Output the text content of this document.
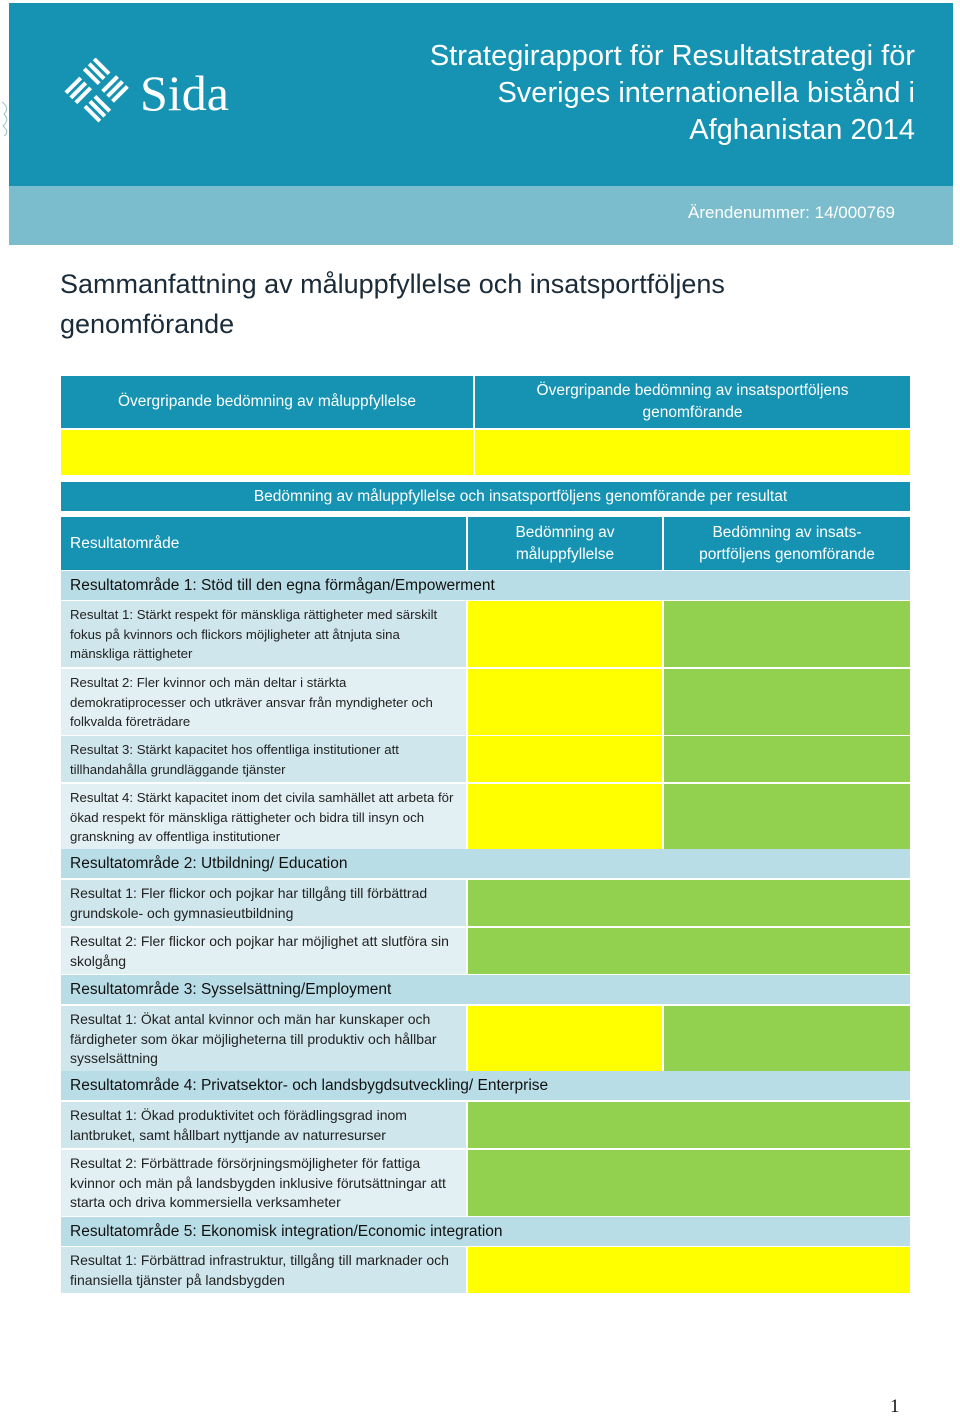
Sida
Strategirapport för Resultatstrategi för Sveriges internationella bistånd i Afghanistan 2014
Ärendenummer: 14/000769
Sammanfattning av måluppfyllelse och insatsportföljens genomförande
Övergripande bedömning av måluppfyllelse
Övergripande bedömning av insatsportföljens genomförande
Bedömning av måluppfyllelse och insatsportföljens genomförande per resultat
Resultatområde
Bedömning av måluppfyllelse
Bedömning av insats-portföljens genomförande
Resultatområde 1: Stöd till den egna förmågan/Empowerment
Resultat 1: Stärkt respekt för mänskliga rättigheter med särskilt fokus på kvinnors och flickors möjligheter att åtnjuta sina mänskliga rättigheter
Resultat 2: Fler kvinnor och män deltar i stärkta demokratiprocesser och utkräver ansvar från myndigheter och folkvalda företrädare
Resultat 3: Stärkt kapacitet hos offentliga institutioner att tillhandahålla grundläggande tjänster
Resultat 4: Stärkt kapacitet inom det civila samhället att arbeta för ökad respekt för mänskliga rättigheter och bidra till insyn och granskning av offentliga institutioner
Resultatområde 2: Utbildning/ Education
Resultat 1: Fler flickor och pojkar har tillgång till förbättrad grundskole- och gymnasieutbildning
Resultat 2: Fler flickor och pojkar har möjlighet att slutföra sin skolgång
Resultatområde 3: Sysselsättning/Employment
Resultat 1: Ökat antal kvinnor och män har kunskaper och färdigheter som ökar möjligheterna till produktiv och hållbar sysselsättning
Resultatområde 4: Privatsektor- och landsbygdsutveckling/ Enterprise
Resultat 1: Ökad produktivitet och förädlingsgrad inom lantbruket, samt hållbart nyttjande av naturresurser
Resultat 2: Förbättrade försörjningsmöjligheter för fattiga kvinnor och män på landsbygden inklusive förutsättningar att starta och driva kommersiella verksamheter
Resultatområde 5: Ekonomisk integration/Economic integration
Resultat 1: Förbättrad infrastruktur, tillgång till marknader och finansiella tjänster på landsbygden
1
